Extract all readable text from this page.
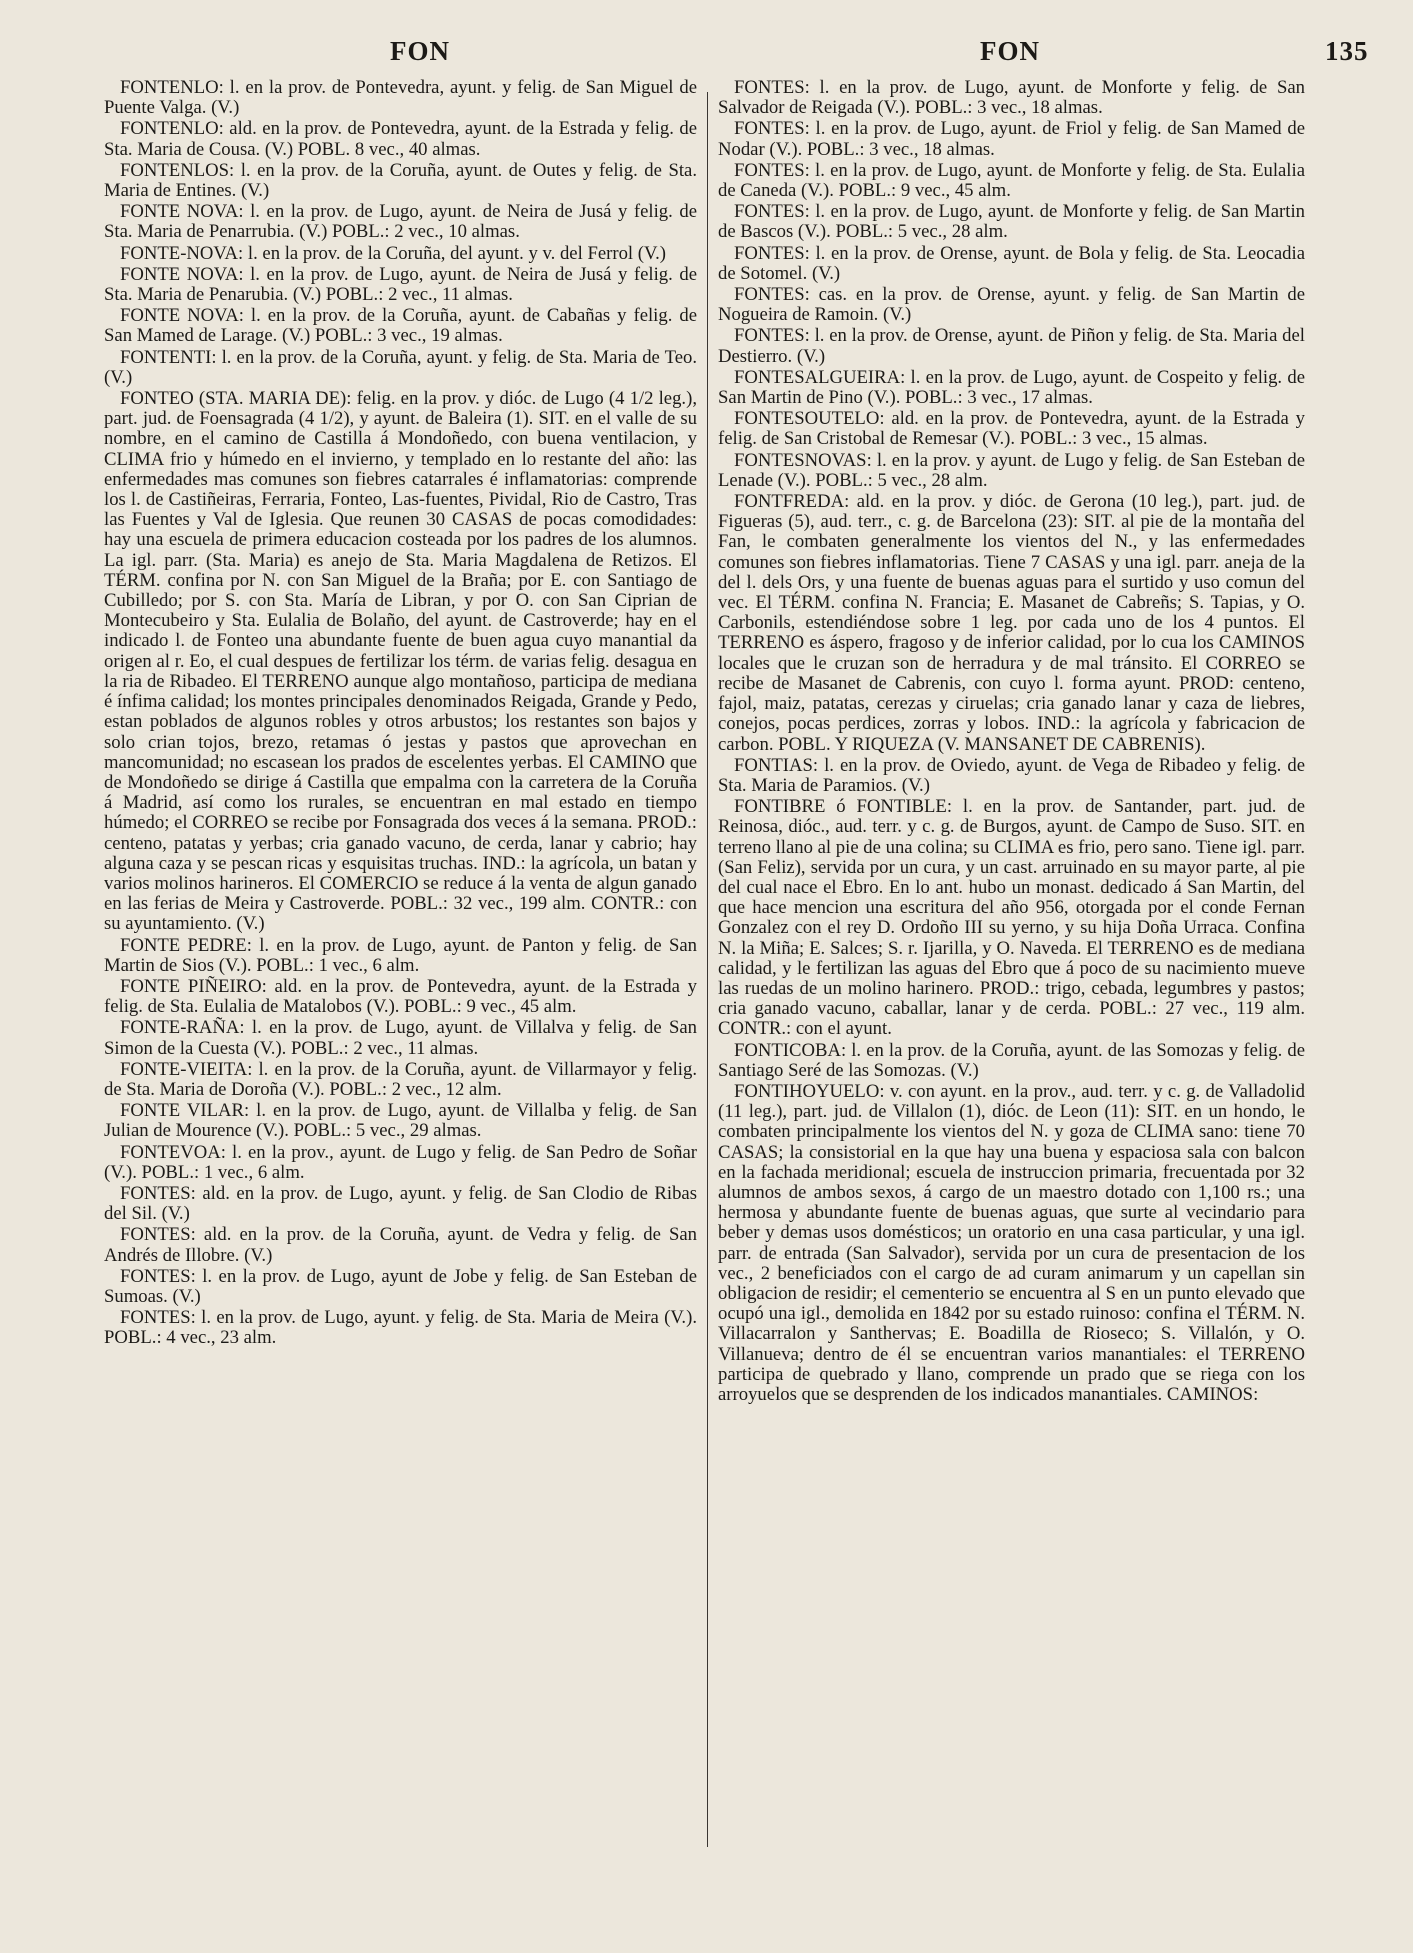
FON	FON	135

FONTENLO: l. en la prov. de Pontevedra, ayunt. y felig. de San Miguel de Puente Valga. (V.)

FONTENLO: ald. en la prov. de Pontevedra, ayunt. de la Estrada y felig. de Sta. Maria de Cousa. (V.) POBL. 8 vec., 40 almas.

FONTENLOS: l. en la prov. de la Coruña, ayunt. de Outes y felig. de Sta. Maria de Entines. (V.)

FONTE NOVA: l. en la prov. de Lugo, ayunt. de Neira de Jusá y felig. de Sta. Maria de Penarrubia. (V.) POBL.: 2 vec., 10 almas.

FONTE-NOVA: l. en la prov. de la Coruña, del ayunt. y v. del Ferrol (V.)

FONTE NOVA: l. en la prov. de Lugo, ayunt. de Neira de Jusá y felig. de Sta. Maria de Penarubia. (V.) POBL.: 2 vec., 11 almas.

FONTE NOVA: l. en la prov. de la Coruña, ayunt. de Cabañas y felig. de San Mamed de Larage. (V.) POBL.: 3 vec., 19 almas.

FONTENTI: l. en la prov. de la Coruña, ayunt. y felig. de Sta. Maria de Teo. (V.)

FONTEO (STA. MARIA DE): felig. en la prov. y dióc. de Lugo (4 1/2 leg.), part. jud. de Foensagrada (4 1/2), y ayunt. de Baleira (1). SIT. en el valle de su nombre, en el camino de Castilla á Mondoñedo, con buena ventilacion, y CLIMA frio y húmedo en el invierno, y templado en lo restante del año: las enfermedades mas comunes son fiebres catarrales é inflamatorias: comprende los l. de Castiñeiras, Ferraria, Fonteo, Las-fuentes, Pividal, Rio de Castro, Tras las Fuentes y Val de Iglesia. Que reunen 30 CASAS de pocas comodidades: hay una escuela de primera educacion costeada por los padres de los alumnos. La igl. parr. (Sta. Maria) es anejo de Sta. Maria Magdalena de Retizos. El TÉRM. confina por N. con San Miguel de la Braña; por E. con Santiago de Cubilledo; por S. con Sta. María de Libran, y por O. con San Ciprian de Montecubeiro y Sta. Eulalia de Bolaño, del ayunt. de Castroverde; hay en el indicado l. de Fonteo una abundante fuente de buen agua cuyo manantial da origen al r. Eo, el cual despues de fertilizar los térm. de varias felig. desagua en la ria de Ribadeo. El TERRENO aunque algo montañoso, participa de mediana é ínfima calidad; los montes principales denominados Reigada, Grande y Pedo, estan poblados de algunos robles y otros arbustos; los restantes son bajos y solo crian tojos, brezo, retamas ó jestas y pastos que aprovechan en mancomunidad; no escasean los prados de escelentes yerbas. El CAMINO que de Mondoñedo se dirige á Castilla que empalma con la carretera de la Coruña á Madrid, así como los rurales, se encuentran en mal estado en tiempo húmedo; el CORREO se recibe por Fonsagrada dos veces á la semana. PROD.: centeno, patatas y yerbas; cria ganado vacuno, de cerda, lanar y cabrio; hay alguna caza y se pescan ricas y esquisitas truchas. IND.: la agrícola, un batan y varios molinos harineros. El COMERCIO se reduce á la venta de algun ganado en las ferias de Meira y Castroverde. POBL.: 32 vec., 199 alm. CONTR.: con su ayuntamiento. (V.)

FONTE PEDRE: l. en la prov. de Lugo, ayunt. de Panton y felig. de San Martin de Sios (V.). POBL.: 1 vec., 6 alm.

FONTE PIÑEIRO: ald. en la prov. de Pontevedra, ayunt. de la Estrada y felig. de Sta. Eulalia de Matalobos (V.). POBL.: 9 vec., 45 alm.

FONTE-RAÑA: l. en la prov. de Lugo, ayunt. de Villalva y felig. de San Simon de la Cuesta (V.). POBL.: 2 vec., 11 almas.

FONTE-VIEITA: l. en la prov. de la Coruña, ayunt. de Villarmayor y felig. de Sta. Maria de Doroña (V.). POBL.: 2 vec., 12 alm.

FONTE VILAR: l. en la prov. de Lugo, ayunt. de Villalba y felig. de San Julian de Mourence (V.). POBL.: 5 vec., 29 almas.

FONTEVOA: l. en la prov., ayunt. de Lugo y felig. de San Pedro de Soñar (V.). POBL.: 1 vec., 6 alm.

FONTES: ald. en la prov. de Lugo, ayunt. y felig. de San Clodio de Ribas del Sil. (V.)

FONTES: ald. en la prov. de la Coruña, ayunt. de Vedra y felig. de San Andrés de Illobre. (V.)

FONTES: l. en la prov. de Lugo, ayunt de Jobe y felig. de San Esteban de Sumoas. (V.)

FONTES: l. en la prov. de Lugo, ayunt. y felig. de Sta. Maria de Meira (V.). POBL.: 4 vec., 23 alm.

FONTES: l. en la prov. de Lugo, ayunt. de Monforte y felig. de San Salvador de Reigada (V.). POBL.: 3 vec., 18 almas.

FONTES: l. en la prov. de Lugo, ayunt. de Friol y felig. de San Mamed de Nodar (V.). POBL.: 3 vec., 18 almas.

FONTES: l. en la prov. de Lugo, ayunt. de Monforte y felig. de Sta. Eulalia de Caneda (V.). POBL.: 9 vec., 45 alm.

FONTES: l. en la prov. de Lugo, ayunt. de Monforte y felig. de San Martin de Bascos (V.). POBL.: 5 vec., 28 alm.

FONTES: l. en la prov. de Orense, ayunt. de Bola y felig. de Sta. Leocadia de Sotomel. (V.)

FONTES: cas. en la prov. de Orense, ayunt. y felig. de San Martin de Nogueira de Ramoin. (V.)

FONTES: l. en la prov. de Orense, ayunt. de Piñon y felig. de Sta. Maria del Destierro. (V.)

FONTESALGUEIRA: l. en la prov. de Lugo, ayunt. de Cospeito y felig. de San Martin de Pino (V.). POBL.: 3 vec., 17 almas.

FONTESOUTELO: ald. en la prov. de Pontevedra, ayunt. de la Estrada y felig. de San Cristobal de Remesar (V.). POBL.: 3 vec., 15 almas.

FONTESNOVAS: l. en la prov. y ayunt. de Lugo y felig. de San Esteban de Lenade (V.). POBL.: 5 vec., 28 alm.

FONTFREDA: ald. en la prov. y dióc. de Gerona (10 leg.), part. jud. de Figueras (5), aud. terr., c. g. de Barcelona (23): SIT. al pie de la montaña del Fan, le combaten generalmente los vientos del N., y las enfermedades comunes son fiebres inflamatorias. Tiene 7 CASAS y una igl. parr. aneja de la del l. dels Ors, y una fuente de buenas aguas para el surtido y uso comun del vec. El TÉRM. confina N. Francia; E. Masanet de Cabreñs; S. Tapias, y O. Carbonils, estendiéndose sobre 1 leg. por cada uno de los 4 puntos. El TERRENO es áspero, fragoso y de inferior calidad, por lo cua los CAMINOS locales que le cruzan son de herradura y de mal tránsito. El CORREO se recibe de Masanet de Cabrenis, con cuyo l. forma ayunt. PROD: centeno, fajol, maiz, patatas, cerezas y ciruelas; cria ganado lanar y caza de liebres, conejos, pocas perdices, zorras y lobos. IND.: la agrícola y fabricacion de carbon. POBL. Y RIQUEZA (V. MANSANET DE CABRENIS).

FONTIAS: l. en la prov. de Oviedo, ayunt. de Vega de Ribadeo y felig. de Sta. Maria de Paramios. (V.)

FONTIBRE ó FONTIBLE: l. en la prov. de Santander, part. jud. de Reinosa, dióc., aud. terr. y c. g. de Burgos, ayunt. de Campo de Suso. SIT. en terreno llano al pie de una colina; su CLIMA es frio, pero sano. Tiene igl. parr. (San Feliz), servida por un cura, y un cast. arruinado en su mayor parte, al pie del cual nace el Ebro. En lo ant. hubo un monast. dedicado á San Martin, del que hace mencion una escritura del año 956, otorgada por el conde Fernan Gonzalez con el rey D. Ordoño III su yerno, y su hija Doña Urraca. Confina N. la Miña; E. Salces; S. r. Ijarilla, y O. Naveda. El TERRENO es de mediana calidad, y le fertilizan las aguas del Ebro que á poco de su nacimiento mueve las ruedas de un molino harinero. PROD.: trigo, cebada, legumbres y pastos; cria ganado vacuno, caballar, lanar y de cerda. POBL.: 27 vec., 119 alm. CONTR.: con el ayunt.

FONTICOBA: l. en la prov. de la Coruña, ayunt. de las Somozas y felig. de Santiago Seré de las Somozas. (V.)

FONTIHOYUELO: v. con ayunt. en la prov., aud. terr. y c. g. de Valladolid (11 leg.), part. jud. de Villalon (1), dióc. de Leon (11): SIT. en un hondo, le combaten principalmente los vientos del N. y goza de CLIMA sano: tiene 70 CASAS; la consistorial en la que hay una buena y espaciosa sala con balcon en la fachada meridional; escuela de instruccion primaria, frecuentada por 32 alumnos de ambos sexos, á cargo de un maestro dotado con 1,100 rs.; una hermosa y abundante fuente de buenas aguas, que surte al vecindario para beber y demas usos domésticos; un oratorio en una casa particular, y una igl. parr. de entrada (San Salvador), servida por un cura de presentacion de los vec., 2 beneficiados con el cargo de ad curam animarum y un capellan sin obligacion de residir; el cementerio se encuentra al S en un punto elevado que ocupó una igl., demolida en 1842 por su estado ruinoso: confina el TÉRM. N. Villacarralon y Santhervas; E. Boadilla de Rioseco; S. Villalón, y O. Villanueva; dentro de él se encuentran varios manantiales: el TERRENO participa de quebrado y llano, comprende un prado que se riega con los arroyuelos que se desprenden de los indicados manantiales. CAMINOS:
